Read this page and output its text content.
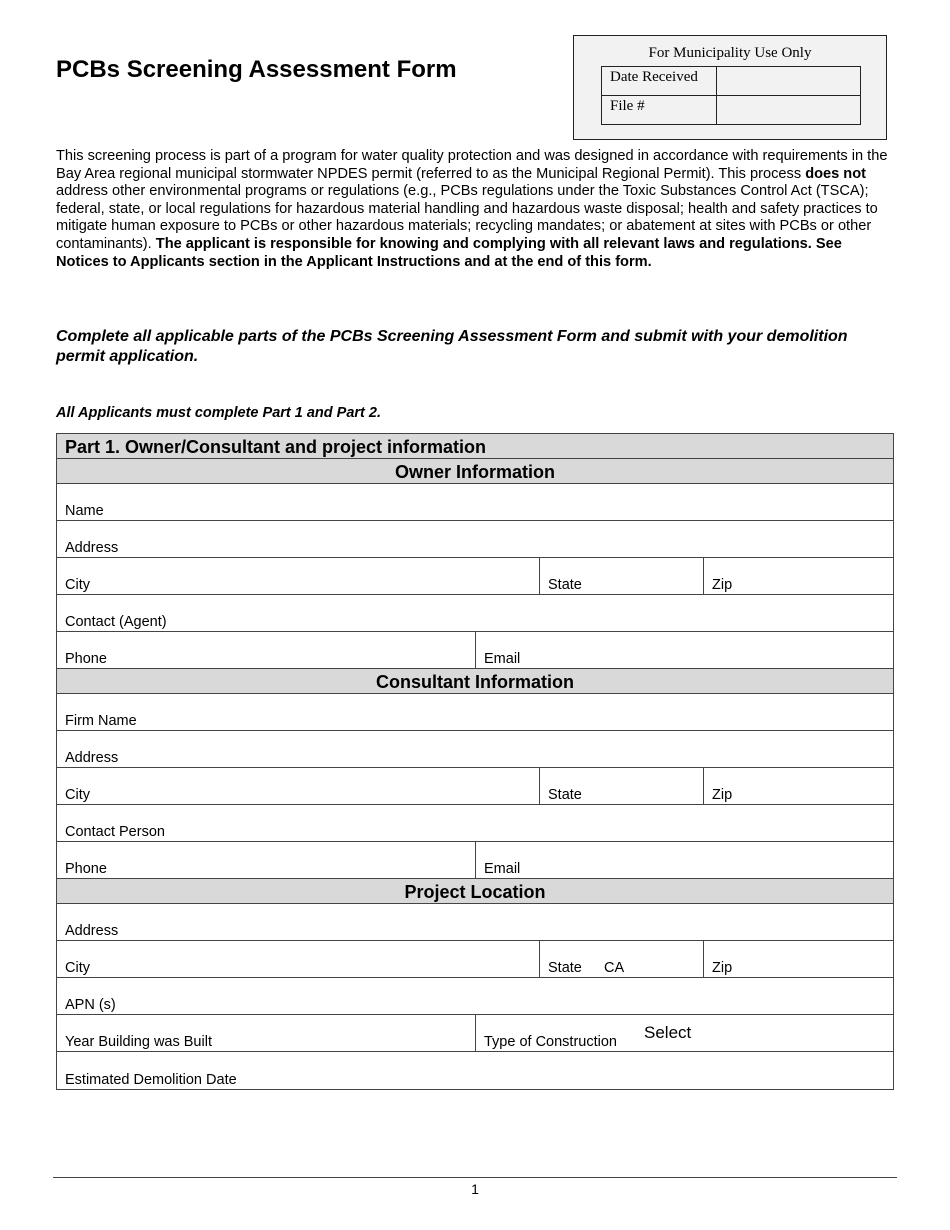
PCBs Screening Assessment Form
For Municipality Use Only
Date Received	
File #	
This screening process is part of a program for water quality protection and was designed in accordance with requirements in the Bay Area regional municipal stormwater NPDES permit (referred to as the Municipal Regional Permit). This process does not address other environmental programs or regulations (e.g., PCBs regulations under the Toxic Substances Control Act (TSCA); federal, state, or local regulations for hazardous material handling and hazardous waste disposal; health and safety practices to mitigate human exposure to PCBs or other hazardous materials; recycling mandates; or abatement at sites with PCBs or other contaminants). The applicant is responsible for knowing and complying with all relevant laws and regulations. See Notices to Applicants section in the Applicant Instructions and at the end of this form.
Complete all applicable parts of the PCBs Screening Assessment Form and submit with your demolition permit application.
All Applicants must complete Part 1 and Part 2.
Part 1. Owner/Consultant and project information
Owner Information
Name
Address
City	State	Zip
Contact (Agent)
Phone	Email
Consultant Information
Firm Name
Address
City	State	Zip
Contact Person
Phone	Email
Project Location
Address
City	State CA	Zip
APN (s)
Year Building was Built	Type of Construction Select
Estimated Demolition Date
1
